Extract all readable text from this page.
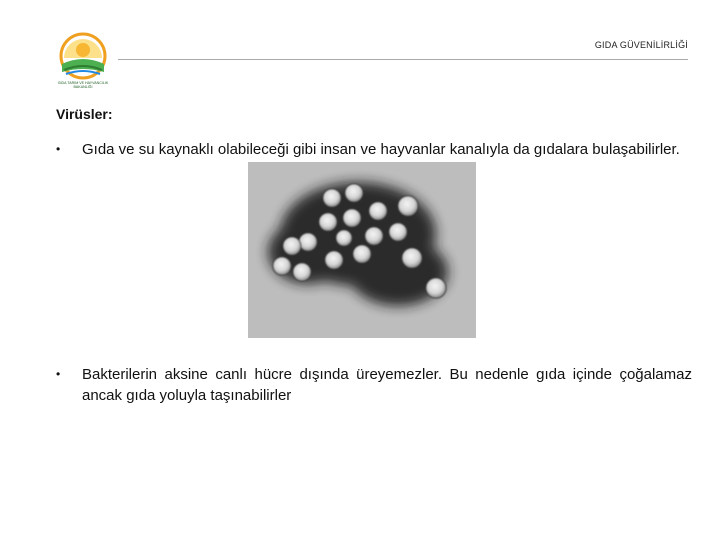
GIDA TARIM VE HAYVANCILIK
BAKANLIĞI
GIDA GÜVENİLİRLİĞİ
Virüsler:
• Gıda ve su kaynaklı olabileceği gibi insan ve hayvanlar kanalıyla da gıdalara bulaşabilirler.
• Bakterilerin aksine canlı hücre dışında üreyemezler. Bu nedenle gıda içinde çoğalamaz ancak gıda yoluyla taşınabilirler
